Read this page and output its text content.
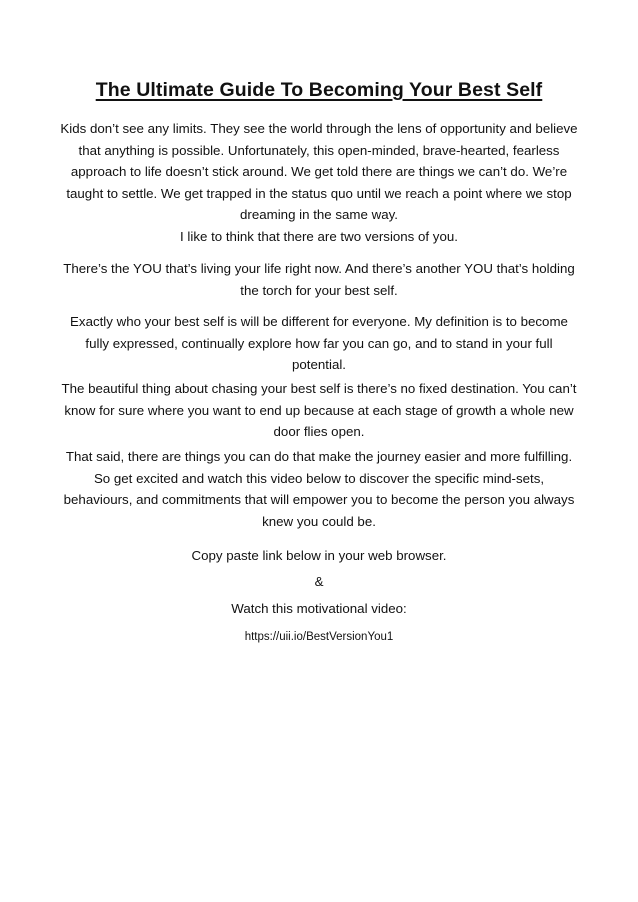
The Ultimate Guide To Becoming Your Best Self

Kids don’t see any limits. They see the world through the lens of opportunity and believe that anything is possible. Unfortunately, this open-minded, brave-hearted, fearless approach to life doesn’t stick around. We get told there are things we can’t do. We’re taught to settle. We get trapped in the status quo until we reach a point where we stop dreaming in the same way.

I like to think that there are two versions of you.

There’s the YOU that’s living your life right now. And there’s another YOU that’s holding the torch for your best self.

Exactly who your best self is will be different for everyone. My definition is to become fully expressed, continually explore how far you can go, and to stand in your full potential.

The beautiful thing about chasing your best self is there’s no fixed destination. You can’t know for sure where you want to end up because at each stage of growth a whole new door flies open.

That said, there are things you can do that make the journey easier and more fulfilling. So get excited and watch this video below to discover the specific mind-sets, behaviours, and commitments that will empower you to become the person you always knew you could be.

Copy paste link below in your web browser.
&
Watch this motivational video:
https://uii.io/BestVersionYou1
